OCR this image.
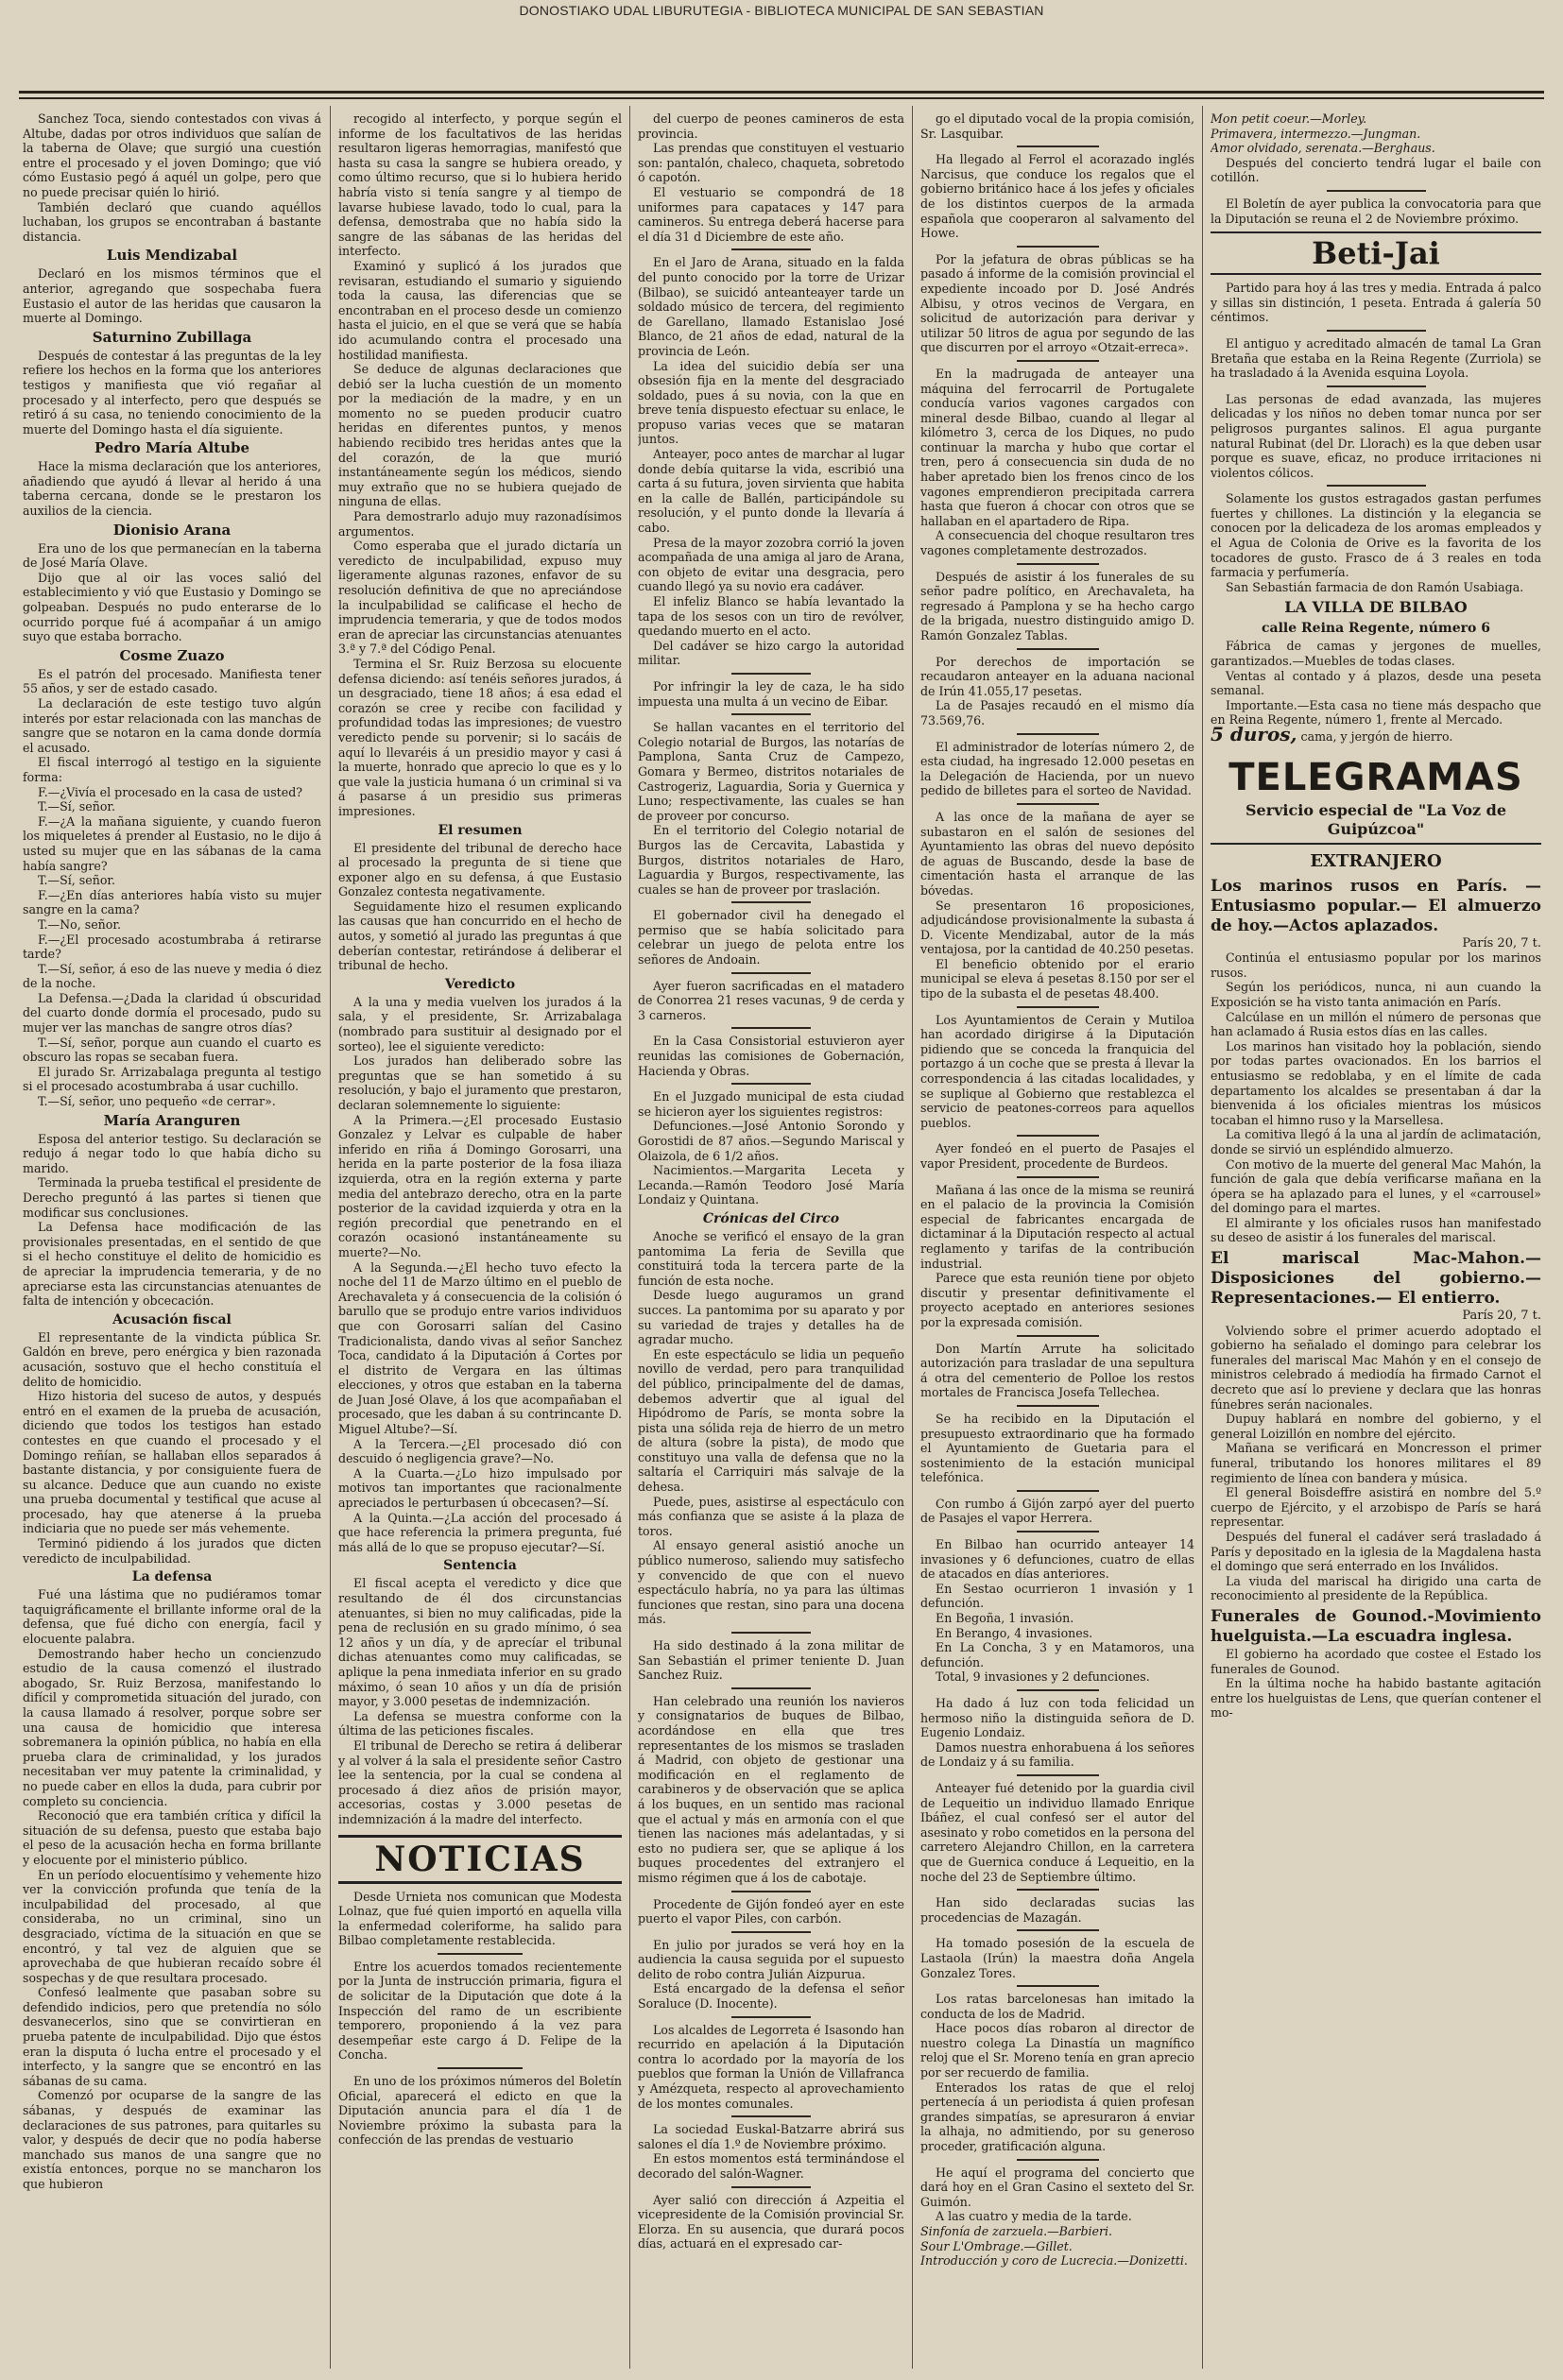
DONOSTIAKO UDAL LIBURUTEGIA - BIBLIOTECA MUNICIPAL DE SAN SEBASTIAN

Sanchez Toca, siendo contestados con vivas á Altube, dadas por otros individuos que salían de la taberna de Olave; que surgió una cuestión entre el procesado y el joven Domingo; que vió cómo Eustasio pegó á aquél un golpe, pero que no puede precisar quién lo hirió.

También declaró que cuando aquéllos luchaban, los grupos se encontraban á bastante distancia.

Luis Mendizabal

Declaró en los mismos términos que el anterior, agregando que sospechaba fuera Eustasio el autor de las heridas que causaron la muerte al Domingo.

Saturnino Zubillaga

Después de contestar á las preguntas de la ley refiere los hechos en la forma que los anteriores testigos y manifiesta que vió regañar al procesado y al interfecto, pero que después se retiró á su casa, no teniendo conocimiento de la muerte del Domingo hasta el día siguiente.

Pedro María Altube

Hace la misma declaración que los anteriores, añadiendo que ayudó á llevar al herido á una taberna cercana, donde se le prestaron los auxilios de la ciencia.

Dionisio Arana

Era uno de los que permanecían en la taberna de José María Olave.

Dijo que al oir las voces salió del establecimiento y vió que Eustasio y Domingo se golpeaban. Después no pudo enterarse de lo ocurrido porque fué á acompañar á un amigo suyo que estaba borracho.

Cosme Zuazo

Es el patrón del procesado. Manifiesta tener 55 años, y ser de estado casado.

La declaración de este testigo tuvo algún interés por estar relacionada con las manchas de sangre que se notaron en la cama donde dormía el acusado.

El fiscal interrogó al testigo en la siguiente forma:

F.—¿Vivía el procesado en la casa de usted?

T.—Sí, señor.

F.—¿A la mañana siguiente, y cuando fueron los miqueletes á prender al Eustasio, no le dijo á usted su mujer que en las sábanas de la cama había sangre?

T.—Sí, señor.

F.—¿En días anteriores había visto su mujer sangre en la cama?

T.—No, señor.

F.—¿El procesado acostumbraba á retirarse tarde?

T.—Sí, señor, á eso de las nueve y media ó diez de la noche.

La Defensa.—¿Dada la claridad ú obscuridad del cuarto donde dormía el procesado, pudo su mujer ver las manchas de sangre otros días?

T.—Sí, señor, porque aun cuando el cuarto es obscuro las ropas se secaban fuera.

El jurado Sr. Arrizabalaga pregunta al testigo si el procesado acostumbraba á usar cuchillo.

T.—Sí, señor, uno pequeño «de cerrar».

María Aranguren

Esposa del anterior testigo. Su declaración se redujo á negar todo lo que había dicho su marido.

Terminada la prueba testifical el presidente de Derecho preguntó á las partes si tienen que modificar sus conclusiones.

La Defensa hace modificación de las provisionales presentadas, en el sentido de que si el hecho constituye el delito de homicidio es de apreciar la imprudencia temeraria, y de no apreciarse esta las circunstancias atenuantes de falta de intención y obcecación.

Acusación fiscal

El representante de la vindicta pública Sr. Galdón en breve, pero enérgica y bien razonada acusación, sostuvo que el hecho constituía el delito de homicidio.

Hizo historia del suceso de autos, y después entró en el examen de la prueba de acusación, diciendo que todos los testigos han estado contestes en que cuando el procesado y el Domingo reñían, se hallaban ellos separados á bastante distancia, y por consiguiente fuera de su alcance. Deduce que aun cuando no existe una prueba documental y testifical que acuse al procesado, hay que atenerse á la prueba indiciaria que no puede ser más vehemente.

Terminó pidiendo á los jurados que dicten veredicto de inculpabilidad.

La defensa

Fué una lástima que no pudiéramos tomar taquigráficamente el brillante informe oral de la defensa, que fué dicho con energía, facil y elocuente palabra.

Demostrando haber hecho un concienzudo estudio de la causa comenzó el ilustrado abogado, Sr. Ruiz Berzosa, manifestando lo difícil y comprometida situación del jurado, con la causa llamado á resolver, porque sobre ser una causa de homicidio que interesa sobremanera la opinión pública, no había en ella prueba clara de criminalidad, y los jurados necesitaban ver muy patente la criminalidad, y no puede caber en ellos la duda, para cubrir por completo su conciencia.

Reconoció que era también crítica y difícil la situación de su defensa, puesto que estaba bajo el peso de la acusación hecha en forma brillante y elocuente por el ministerio público.

En un período elocuentísimo y vehemente hizo ver la convicción profunda que tenía de la inculpabilidad del procesado, al que consideraba, no un criminal, sino un desgraciado, víctima de la situación en que se encontró, y tal vez de alguien que se aprovechaba de que hubieran recaído sobre él sospechas y de que resultara procesado.

Confesó lealmente que pasaban sobre su defendido indicios, pero que pretendía no sólo desvanecerlos, sino que se convirtieran en prueba patente de inculpabilidad. Dijo que éstos eran la disputa ó lucha entre el procesado y el interfecto, y la sangre que se encontró en las sábanas de su cama.

Comenzó por ocuparse de la sangre de las sábanas, y después de examinar las declaraciones de sus patrones, para quitarles su valor, y después de decir que no podía haberse manchado sus manos de una sangre que no existía entonces, porque no se mancharon los que hubieron

recogido al interfecto, y porque según el informe de los facultativos de las heridas resultaron ligeras hemorragias, manifestó que hasta su casa la sangre se hubiera oreado, y como último recurso, que si lo hubiera herido habría visto si tenía sangre y al tiempo de lavarse hubiese lavado, todo lo cual, para la defensa, demostraba que no había sido la sangre de las sábanas de las heridas del interfecto.

Examinó y suplicó á los jurados que revisaran, estudiando el sumario y siguiendo toda la causa, las diferencias que se encontraban en el proceso desde un comienzo hasta el juicio, en el que se verá que se había ido acumulando contra el procesado una hostilidad manifiesta.

Se deduce de algunas declaraciones que debió ser la lucha cuestión de un momento por la mediación de la madre, y en un momento no se pueden producir cuatro heridas en diferentes puntos, y menos habiendo recibido tres heridas antes que la del corazón, de la que murió instantáneamente según los médicos, siendo muy extraño que no se hubiera quejado de ninguna de ellas.

Para demostrarlo adujo muy razonadísimos argumentos.

Como esperaba que el jurado dictaría un veredicto de inculpabilidad, expuso muy ligeramente algunas razones, enfavor de su resolución definitiva de que no apreciándose la inculpabilidad se calificase el hecho de imprudencia temeraria, y que de todos modos eran de apreciar las circunstancias atenuantes 3.ª y 7.ª del Código Penal.

Termina el Sr. Ruiz Berzosa su elocuente defensa diciendo: así tenéis señores jurados, á un desgraciado, tiene 18 años; á esa edad el corazón se cree y recibe con facilidad y profundidad todas las impresiones; de vuestro veredicto pende su porvenir; si lo sacáis de aquí lo llevaréis á un presidio mayor y casi á la muerte, honrado que aprecio lo que es y lo que vale la justicia humana ó un criminal si va á pasarse á un presidio sus primeras impresiones.

El resumen

El presidente del tribunal de derecho hace al procesado la pregunta de si tiene que exponer algo en su defensa, á que Eustasio Gonzalez contesta negativamente.

Seguidamente hizo el resumen explicando las causas que han concurrido en el hecho de autos, y sometió al jurado las preguntas á que deberían contestar, retirándose á deliberar el tribunal de hecho.

Veredicto

A la una y media vuelven los jurados á la sala, y el presidente, Sr. Arrizabalaga (nombrado para sustituir al designado por el sorteo), lee el siguiente veredicto:

Los jurados han deliberado sobre las preguntas que se han sometido á su resolución, y bajo el juramento que prestaron, declaran solemnemente lo siguiente:

A la Primera.—¿El procesado Eustasio Gonzalez y Lelvar es culpable de haber inferido en riña á Domingo Gorosarri, una herida en la parte posterior de la fosa iliaza izquierda, otra en la región externa y parte media del antebrazo derecho, otra en la parte posterior de la cavidad izquierda y otra en la región precordial que penetrando en el corazón ocasionó instantáneamente su muerte?—No.

A la Segunda.—¿El hecho tuvo efecto la noche del 11 de Marzo último en el pueblo de Arechavaleta y á consecuencia de la colisión ó barullo que se produjo entre varios individuos que con Gorosarri salían del Casino Tradicionalista, dando vivas al señor Sanchez Toca, candidato á la Diputación á Cortes por el distrito de Vergara en las últimas elecciones, y otros que estaban en la taberna de Juan José Olave, á los que acompañaban el procesado, que les daban á su contrincante D. Miguel Altube?—Sí.

A la Tercera.—¿El procesado dió con descuido ó negligencia grave?—No.

A la Cuarta.—¿Lo hizo impulsado por motivos tan importantes que racionalmente apreciados le perturbasen ú obcecasen?—Sí.

A la Quinta.—¿La acción del procesado á que hace referencia la primera pregunta, fué más allá de lo que se propuso ejecutar?—Sí.

Sentencia

El fiscal acepta el veredicto y dice que resultando de él dos circunstancias atenuantes, si bien no muy calificadas, pide la pena de reclusión en su grado mínimo, ó sea 12 años y un día, y de aprecíar el tribunal dichas atenuantes como muy calificadas, se aplique la pena inmediata inferior en su grado máximo, ó sean 10 años y un día de prisión mayor, y 3.000 pesetas de indemnización.

La defensa se muestra conforme con la última de las peticiones fiscales.

El tribunal de Derecho se retira á deliberar y al volver á la sala el presidente señor Castro lee la sentencia, por la cual se condena al procesado á diez años de prisión mayor, accesorias, costas y 3.000 pesetas de indemnización á la madre del interfecto.

NOTICIAS

Desde Urnieta nos comunican que Modesta Lolnaz, que fué quien importó en aquella villa la enfermedad coleriforme, ha salido para Bilbao completamente restablecida.

Entre los acuerdos tomados recientemente por la Junta de instrucción primaria, figura el de solicitar de la Diputación que dote á la Inspección del ramo de un escribiente temporero, proponiendo á la vez para desempeñar este cargo á D. Felipe de la Concha.

En uno de los próximos números del Boletín Oficial, aparecerá el edicto en que la Diputación anuncia para el día 1 de Noviembre próximo la subasta para la confección de las prendas de vestuario

del cuerpo de peones camineros de esta provincia.

Las prendas que constituyen el vestuario son: pantalón, chaleco, chaqueta, sobretodo ó capotón.

El vestuario se compondrá de 18 uniformes para capataces y 147 para camineros. Su entrega deberá hacerse para el día 31 d Diciembre de este año.

En el Jaro de Arana, situado en la falda del punto conocido por la torre de Urizar (Bilbao), se suicidó anteanteayer tarde un soldado músico de tercera, del regimiento de Garellano, llamado Estanislao José Blanco, de 21 años de edad, natural de la provincia de León.

La idea del suicidio debía ser una obsesión fija en la mente del desgraciado soldado, pues á su novia, con la que en breve tenía dispuesto efectuar su enlace, le propuso varias veces que se mataran juntos.

Anteayer, poco antes de marchar al lugar donde debía quitarse la vida, escribió una carta á su futura, joven sirvienta que habita en la calle de Ballén, participándole su resolución, y el punto donde la llevaría á cabo.

Presa de la mayor zozobra corrió la joven acompañada de una amiga al jaro de Arana, con objeto de evitar una desgracia, pero cuando llegó ya su novio era cadáver.

El infeliz Blanco se había levantado la tapa de los sesos con un tiro de revólver, quedando muerto en el acto.

Del cadáver se hizo cargo la autoridad militar.

Por infringir la ley de caza, le ha sido impuesta una multa á un vecino de Eibar.

Se hallan vacantes en el territorio del Colegio notarial de Burgos, las notarías de Pamplona, Santa Cruz de Campezo, Gomara y Bermeo, distritos notariales de Castrogeriz, Laguardia, Soria y Guernica y Luno; respectivamente, las cuales se han de proveer por concurso.

En el territorio del Colegio notarial de Burgos las de Cercavita, Labastida y Burgos, distritos notariales de Haro, Laguardia y Burgos, respectivamente, las cuales se han de proveer por traslación.

El gobernador civil ha denegado el permiso que se había solicitado para celebrar un juego de pelota entre los señores de Andoain.

Ayer fueron sacrificadas en el matadero de Conorrea 21 reses vacunas, 9 de cerda y 3 carneros.

En la Casa Consistorial estuvieron ayer reunidas las comisiones de Gobernación, Hacienda y Obras.

En el Juzgado municipal de esta ciudad se hicieron ayer los siguientes registros:

Defunciones.—José Antonio Sorondo y Gorostidi de 87 años.—Segundo Mariscal y Olaizola, de 6 1/2 años.

Nacimientos.—Margarita Leceta y Lecanda.—Ramón Teodoro José María Londaiz y Quintana.

Crónicas del Circo

Anoche se verificó el ensayo de la gran pantomima La feria de Sevilla que constituirá toda la tercera parte de la función de esta noche.

Desde luego auguramos un grand succes. La pantomima por su aparato y por su variedad de trajes y detalles ha de agradar mucho.

En este espectáculo se lidia un pequeño novillo de verdad, pero para tranquilidad del público, principalmente del de damas, debemos advertir que al igual del Hipódromo de París, se monta sobre la pista una sólida reja de hierro de un metro de altura (sobre la pista), de modo que constituyo una valla de defensa que no la saltaría el Carriquiri más salvaje de la dehesa.

Puede, pues, asistirse al espectáculo con más confianza que se asiste á la plaza de toros.

Al ensayo general asistió anoche un público numeroso, saliendo muy satisfecho y convencido de que con el nuevo espectáculo habría, no ya para las últimas funciones que restan, sino para una docena más.

Ha sido destinado á la zona militar de San Sebastián el primer teniente D. Juan Sanchez Ruiz.

Han celebrado una reunión los navieros y consignatarios de buques de Bilbao, acordándose en ella que tres representantes de los mismos se trasladen á Madrid, con objeto de gestionar una modificación en el reglamento de carabineros y de observación que se aplica á los buques, en un sentido mas racional que el actual y más en armonía con el que tienen las naciones más adelantadas, y si esto no pudiera ser, que se aplique á los buques procedentes del extranjero el mismo régimen que á los de cabotaje.

Procedente de Gijón fondeó ayer en este puerto el vapor Piles, con carbón.

En julio por jurados se verá hoy en la audiencia la causa seguida por el supuesto delito de robo contra Julián Aizpurua.

Está encargado de la defensa el señor Soraluce (D. Inocente).

Los alcaldes de Legorreta é Isasondo han recurrido en apelación á la Diputación contra lo acordado por la mayoría de los pueblos que forman la Unión de Villafranca y Amézqueta, respecto al aprovechamiento de los montes comunales.

La sociedad Euskal-Batzarre abrirá sus salones el día 1.º de Noviembre próximo.

En estos momentos está terminándose el decorado del salón-Wagner.

Ayer salió con dirección á Azpeitia el vicepresidente de la Comisión provincial Sr. Elorza. En su ausencia, que durará pocos días, actuará en el expresado car-

go el diputado vocal de la propia comisión, Sr. Lasquibar.

Ha llegado al Ferrol el acorazado inglés Narcisus, que conduce los regalos que el gobierno británico hace á los jefes y oficiales de los distintos cuerpos de la armada española que cooperaron al salvamento del Howe.

Por la jefatura de obras públicas se ha pasado á informe de la comisión provincial el expediente incoado por D. José Andrés Albisu, y otros vecinos de Vergara, en solicitud de autorización para derivar y utilizar 50 litros de agua por segundo de las que discurren por el arroyo «Otzait-erreca».

En la madrugada de anteayer una máquina del ferrocarril de Portugalete conducía varios vagones cargados con mineral desde Bilbao, cuando al llegar al kilómetro 3, cerca de los Diques, no pudo continuar la marcha y hubo que cortar el tren, pero á consecuencia sin duda de no haber apretado bien los frenos cinco de los vagones emprendieron precipitada carrera hasta que fueron á chocar con otros que se hallaban en el apartadero de Ripa.

A consecuencia del choque resultaron tres vagones completamente destrozados.

Después de asistir á los funerales de su señor padre político, en Arechavaleta, ha regresado á Pamplona y se ha hecho cargo de la brigada, nuestro distinguido amigo D. Ramón Gonzalez Tablas.

Por derechos de importación se recaudaron anteayer en la aduana nacional de Irún 41.055,17 pesetas.

La de Pasajes recaudó en el mismo día 73.569,76.

El administrador de loterías número 2, de esta ciudad, ha ingresado 12.000 pesetas en la Delegación de Hacienda, por un nuevo pedido de billetes para el sorteo de Navidad.

A las once de la mañana de ayer se subastaron en el salón de sesiones del Ayuntamiento las obras del nuevo depósito de aguas de Buscando, desde la base de cimentación hasta el arranque de las bóvedas.

Se presentaron 16 proposiciones, adjudicándose provisionalmente la subasta á D. Vicente Mendizabal, autor de la más ventajosa, por la cantidad de 40.250 pesetas.

El beneficio obtenido por el erario municipal se eleva á pesetas 8.150 por ser el tipo de la subasta el de pesetas 48.400.

Los Ayuntamientos de Cerain y Mutiloa han acordado dirigirse á la Diputación pidiendo que se conceda la franquicia del portazgo á un coche que se presta á llevar la correspondencia á las citadas localidades, y se suplique al Gobierno que restablezca el servicio de peatones-correos para aquellos pueblos.

Ayer fondeó en el puerto de Pasajes el vapor President, procedente de Burdeos.

Mañana á las once de la misma se reunirá en el palacio de la provincia la Comisión especial de fabricantes encargada de dictaminar á la Diputación respecto al actual reglamento y tarifas de la contribución industrial.

Parece que esta reunión tiene por objeto discutir y presentar definitivamente el proyecto aceptado en anteriores sesiones por la expresada comisión.

Don Martín Arrute ha solicitado autorización para trasladar de una sepultura á otra del cementerio de Polloe los restos mortales de Francisca Josefa Tellechea.

Se ha recibido en la Diputación el presupuesto extraordinario que ha formado el Ayuntamiento de Guetaria para el sostenimiento de la estación municipal telefónica.

Con rumbo á Gijón zarpó ayer del puerto de Pasajes el vapor Herrera.

En Bilbao han ocurrido anteayer 14 invasiones y 6 defunciones, cuatro de ellas de atacados en días anteriores.

En Sestao ocurrieron 1 invasión y 1 defunción.

En Begoña, 1 invasión.

En Berango, 4 invasiones.

En La Concha, 3 y en Matamoros, una defunción.

Total, 9 invasiones y 2 defunciones.

Ha dado á luz con toda felicidad un hermoso niño la distinguida señora de D. Eugenio Londaiz.

Damos nuestra enhorabuena á los señores de Londaiz y á su familia.

Anteayer fué detenido por la guardia civil de Lequeitio un individuo llamado Enrique Ibáñez, el cual confesó ser el autor del asesinato y robo cometidos en la persona del carretero Alejandro Chillon, en la carretera que de Guernica conduce á Lequeitio, en la noche del 23 de Septiembre último.

Han sido declaradas sucias las procedencias de Mazagán.

Ha tomado posesión de la escuela de Lastaola (Irún) la maestra doña Angela Gonzalez Tores.

Los ratas barcelonesas han imitado la conducta de los de Madrid.

Hace pocos días robaron al director de nuestro colega La Dinastía un magnífico reloj que el Sr. Moreno tenía en gran aprecio por ser recuerdo de familia.

Enterados los ratas de que el reloj pertenecía á un periodista á quien profesan grandes simpatías, se apresuraron á enviar la alhaja, no admitiendo, por su generoso proceder, gratificación alguna.

He aquí el programa del concierto que dará hoy en el Gran Casino el sexteto del Sr. Guimón.

A las cuatro y media de la tarde.

Sinfonía de zarzuela.—Barbieri.

Sour L'Ombrage.—Gillet.

Introducción y coro de Lucrecia.—Donizetti.

Mon petit coeur.—Morley.

Primavera, intermezzo.—Jungman.

Amor olvidado, serenata.—Berghaus.

Después del concierto tendrá lugar el baile con cotillón.

El Boletín de ayer publica la convocatoria para que la Diputación se reuna el 2 de Noviembre próximo.

Beti-Jai

Partido para hoy á las tres y media. Entrada á palco y sillas sin distinción, 1 peseta. Entrada á galería 50 céntimos.

El antiguo y acreditado almacén de tamal La Gran Bretaña que estaba en la Reina Regente (Zurriola) se ha trasladado á la Avenida esquina Loyola.

Las personas de edad avanzada, las mujeres delicadas y los niños no deben tomar nunca por ser peligrosos purgantes salinos. El agua purgante natural Rubinat (del Dr. Llorach) es la que deben usar porque es suave, eficaz, no produce irritaciones ni violentos cólicos.

Solamente los gustos estragados gastan perfumes fuertes y chillones. La distinción y la elegancia se conocen por la delicadeza de los aromas empleados y el Agua de Colonia de Orive es la favorita de los tocadores de gusto. Frasco de á 3 reales en toda farmacia y perfumería.

San Sebastián farmacia de don Ramón Usabiaga.

LA VILLA DE BILBAO
calle Reina Regente, número 6

Fábrica de camas y jergones de muelles, garantizados.—Muebles de todas clases.

Ventas al contado y á plazos, desde una peseta semanal.

Importante.—Esta casa no tiene más despacho que en Reina Regente, número 1, frente al Mercado.

5 duros, cama, y jergón de hierro.

TELEGRAMAS
Servicio especial de "La Voz de Guipúzcoa"
EXTRANJERO
Los marinos rusos en París. —Entusiasmo popular.— El almuerzo de hoy.—Actos aplazados.
París 20, 7 t.

Continúa el entusiasmo popular por los marinos rusos.

Según los periódicos, nunca, ni aun cuando la Exposición se ha visto tanta animación en París.

Calcúlase en un millón el número de personas que han aclamado á Rusia estos días en las calles.

Los marinos han visitado hoy la población, siendo por todas partes ovacionados. En los barrios el entusiasmo se redoblaba, y en el límite de cada departamento los alcaldes se presentaban á dar la bienvenida á los oficiales mientras los músicos tocaban el himno ruso y la Marsellesa.

La comitiva llegó á la una al jardín de aclimatación, donde se sirvió un espléndido almuerzo.

Con motivo de la muerte del general Mac Mahón, la función de gala que debía verificarse mañana en la ópera se ha aplazado para el lunes, y el «carrousel» del domingo para el martes.

El almirante y los oficiales rusos han manifestado su deseo de asistir á los funerales del mariscal.

El mariscal Mac-Mahon.— Disposiciones del gobierno.—Representaciones.— El entierro.
París 20, 7 t.

Volviendo sobre el primer acuerdo adoptado el gobierno ha señalado el domingo para celebrar los funerales del mariscal Mac Mahón y en el consejo de ministros celebrado á mediodía ha firmado Carnot el decreto que así lo previene y declara que las honras fúnebres serán nacionales.

Dupuy hablará en nombre del gobierno, y el general Loizillón en nombre del ejército.

Mañana se verificará en Moncresson el primer funeral, tributando los honores militares el 89 regimiento de línea con bandera y música.

El general Boisdeffre asistirá en nombre del 5.º cuerpo de Ejército, y el arzobispo de París se hará representar.

Después del funeral el cadáver será trasladado á París y depositado en la iglesia de la Magdalena hasta el domingo que será enterrado en los Inválidos.

La viuda del mariscal ha dirigido una carta de reconocimiento al presidente de la República.

Funerales de Gounod.-Movimiento huelguista.—La escuadra inglesa.

El gobierno ha acordado que costee el Estado los funerales de Gounod.

En la última noche ha habido bastante agitación entre los huelguistas de Lens, que querían contener el mo-
